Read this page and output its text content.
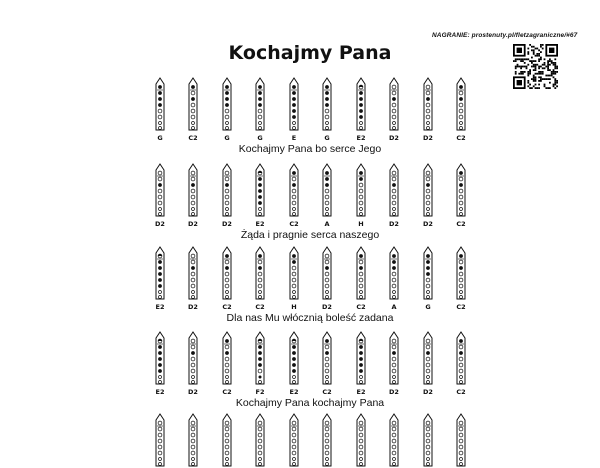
Kochajmy Pana
NAGRANIE: prostenuty.pl/fletzagraniczne/#67
G	C2	G	G	E	G	E2	D2	D2	C2
Kochajmy Pana bo serce Jego
D2	D2	D2	E2	C2	A	H	D2	D2	C2
Żąda i pragnie serca naszego
E2	D2	C2	C2	H	D2	C2	A	G	C2
Dla nas Mu włócznią boleść zadana
E2	D2	C2	F2	E2	C2	E2	D2	D2	C2
Kochajmy Pana kochajmy Pana
